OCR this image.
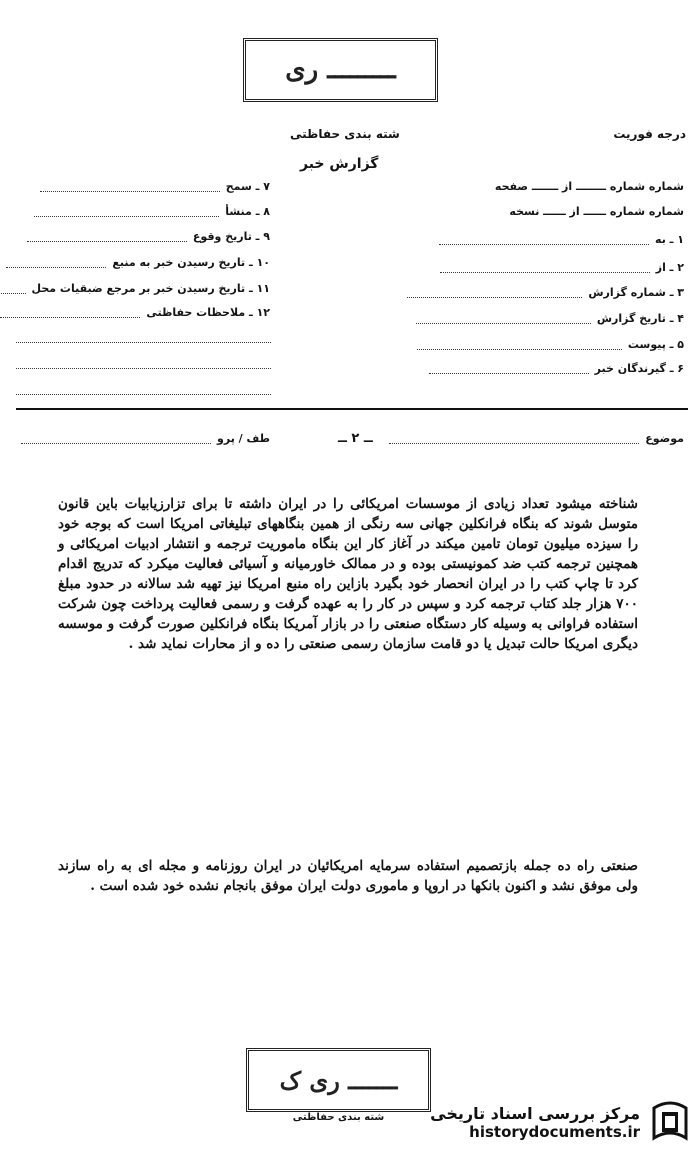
ـــــــــ ری
شته بندی حفاظتی	درجه فوریت
گزارش خبر
۷ ـ سمح
۸ ـ منشأ
۹ ـ تاریخ وقوع
۱۰ ـ تاریخ رسیدن خبر به منبع
۱۱ ـ تاریخ رسیدن خبر بر مرجع ضبقیات محل
۱۲ ـ ملاحظات حفاظتی
شماره شماره ــــــــ از ـــــــ صفحه
شماره شماره ــــــ از ــــــ نسخه
۱ ـ به
۲ ـ از
۳ ـ شماره گزارش
۴ ـ تاریخ گزارش
۵ ـ پیوست
۶ ـ گیرندگان خبر
موضوع
ــ ۲ ــ
طف / پرو
شناخته میشود تعداد زیادی از موسسات امریکائی را در ایران داشته تا برای تزارزیابیات باین قانون متوسل شوند که بنگاه فرانکلین جهانی سه رنگی از همین بنگاههای تبلیغاتی امریکا است که بوجه خود را سیزده میلیون تومان تامین میکند در آغاز کار این بنگاه ماموریت ترجمه و انتشار ادبیات امریکائی و همچنین ترجمه کتب ضد کمونیستی بوده و در ممالک خاورمیانه و آسیائی فعالیت میکرد که تدریج اقدام کرد تا چاپ کتب را در ایران انحصار خود بگیرد بازاین راه منبع امریکا نیز تهیه شد سالانه در حدود مبلغ ۷۰۰ هزار جلد کتاب ترجمه کرد و سپس در کار را به عهده گرفت و رسمی فعالیت پرداخت چون شرکت استفاده فراوانی به وسیله کار دستگاه صنعتی را در بازار آمریکا بنگاه فرانکلین صورت گرفت و موسسه دیگری امریکا حالت تبدیل یا دو قامت سازمان رسمی صنعتی را ده و از محارات نماید شد .
صنعتی راه ده جمله بازتصمیم استفاده سرمایه امریکائیان در ایران روزنامه و مجله ای به راه سازند ولی موفق نشد و اکنون بانکها در اروپا و ماموری دولت ایران موفق بانجام نشده خود شده است .
ـــــــ ری ک
شته بندی حفاظتی	مرکز بررسی اسناد تاریخی
historydocuments.ir
